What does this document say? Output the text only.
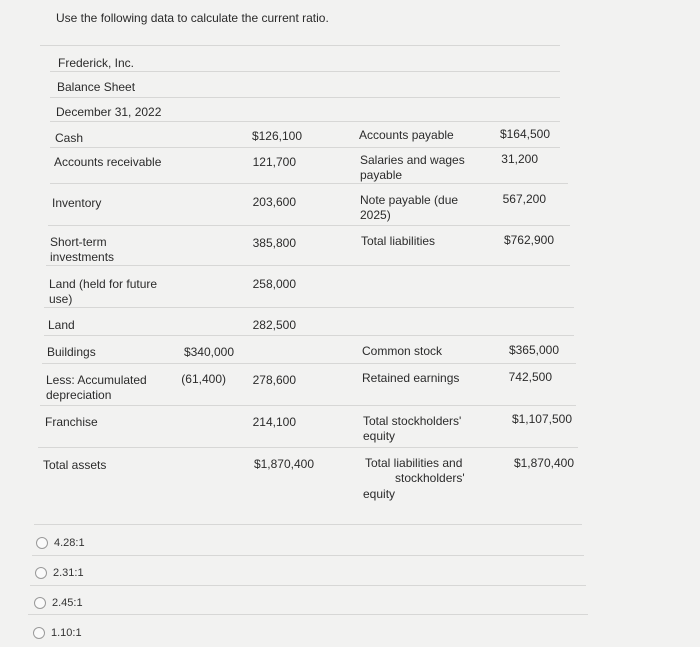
Use the following data to calculate the current ratio.
Frederick, Inc.
Balance Sheet
December 31, 2022
Cash
Accounts receivable
Inventory
Short-term investments
Land (held for future use)
Land
Buildings
Less: Accumulated depreciation
Franchise
Total assets
$340,000
(61,400)
$126,100
121,700
203,600
385,800
258,000
282,500
278,600
214,100
$1,870,400
Accounts payable
Salaries and wages payable
Note payable (due 2025)
Total liabilities
$164,500
31,200
567,200
$762,900
Common stock
Retained earnings
Total stockholders' equity
Total liabilities and
stockholders'
equity
$365,000
742,500
$1,107,500
$1,870,400
4.28:1
2.31:1
2.45:1
1.10:1
